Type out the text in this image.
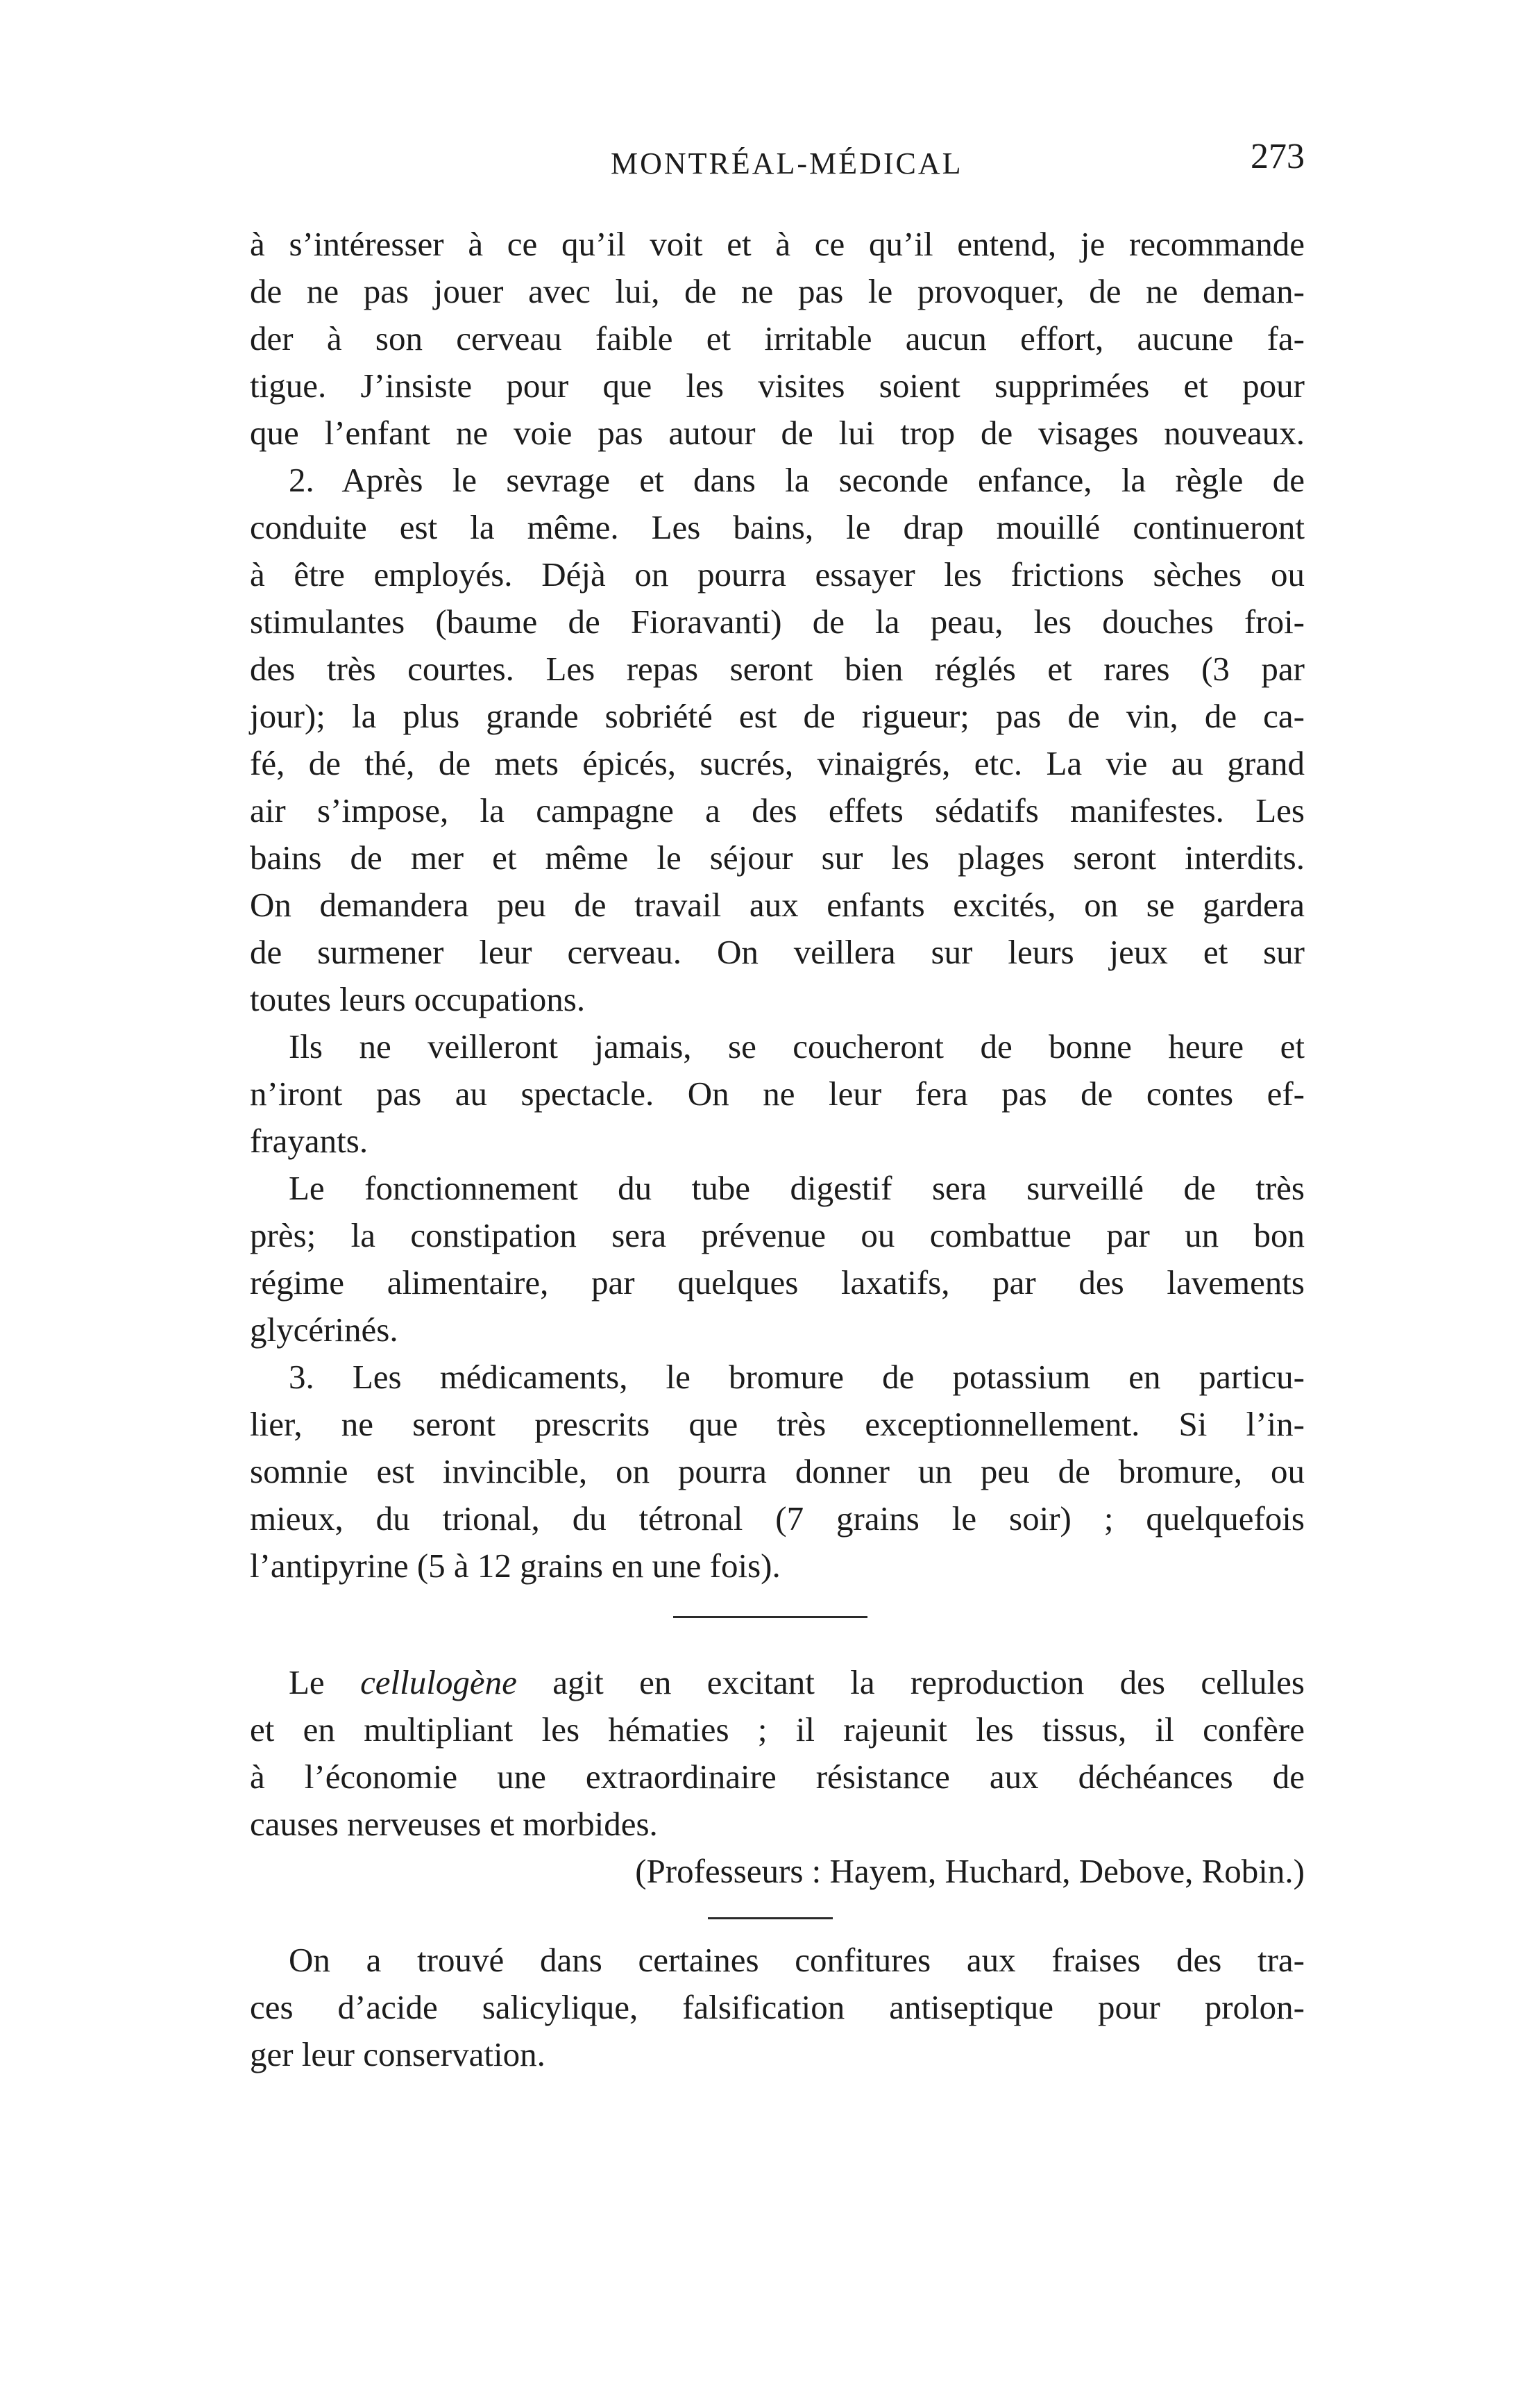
MONTRÉAL-MÉDICAL	273
à s’intéresser à ce qu’il voit et à ce qu’il entend, je recommande
de ne pas jouer avec lui, de ne pas le provoquer, de ne deman-
der à son cerveau faible et irritable aucun effort, aucune fa-
tigue. J’insiste pour que les visites soient supprimées et pour
que l’enfant ne voie pas autour de lui trop de visages nouveaux.
2. Après le sevrage et dans la seconde enfance, la règle de
conduite est la même. Les bains, le drap mouillé continueront
à être employés. Déjà on pourra essayer les frictions sèches ou
stimulantes (baume de Fioravanti) de la peau, les douches froi-
des très courtes. Les repas seront bien réglés et rares (3 par
jour); la plus grande sobriété est de rigueur; pas de vin, de ca-
fé, de thé, de mets épicés, sucrés, vinaigrés, etc. La vie au grand
air s’impose, la campagne a des effets sédatifs manifestes. Les
bains de mer et même le séjour sur les plages seront interdits.
On demandera peu de travail aux enfants excités, on se gardera
de surmener leur cerveau. On veillera sur leurs jeux et sur
toutes leurs occupations.
Ils ne veilleront jamais, se coucheront de bonne heure et
n’iront pas au spectacle. On ne leur fera pas de contes ef-
frayants.
Le fonctionnement du tube digestif sera surveillé de très
près; la constipation sera prévenue ou combattue par un bon
régime alimentaire, par quelques laxatifs, par des lavements
glycérinés.
3. Les médicaments, le bromure de potassium en particu-
lier, ne seront prescrits que très exceptionnellement. Si l’in-
somnie est invincible, on pourra donner un peu de bromure, ou
mieux, du trional, du tétronal (7 grains le soir) ; quelquefois
l’antipyrine (5 à 12 grains en une fois).
Le cellulogène agit en excitant la reproduction des cellules
et en multipliant les hématies ; il rajeunit les tissus, il confère
à l’économie une extraordinaire résistance aux déchéances de
causes nerveuses et morbides.
(Professeurs : Hayem, Huchard, Debove, Robin.)
On a trouvé dans certaines confitures aux fraises des tra-
ces d’acide salicylique, falsification antiseptique pour prolon-
ger leur conservation.
